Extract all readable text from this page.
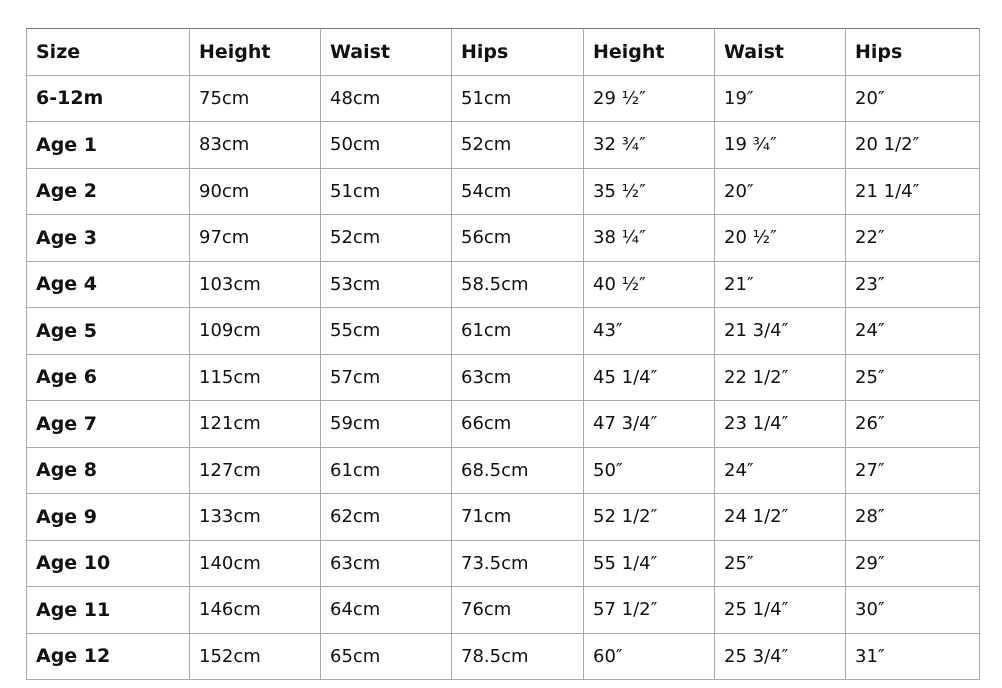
Size	Height	Waist	Hips	Height	Waist	Hips
6-12m	75cm	48cm	51cm	29 ½″	19″	20″
Age 1	83cm	50cm	52cm	32 ¾″	19 ¾″	20 1/2″
Age 2	90cm	51cm	54cm	35 ½″	20″	21 1/4″
Age 3	97cm	52cm	56cm	38 ¼″	20 ½″	22″
Age 4	103cm	53cm	58.5cm	40 ½″	21″	23″
Age 5	109cm	55cm	61cm	43″	21 3/4″	24″
Age 6	115cm	57cm	63cm	45 1/4″	22 1/2″	25″
Age 7	121cm	59cm	66cm	47 3/4″	23 1/4″	26″
Age 8	127cm	61cm	68.5cm	50″	24″	27″
Age 9	133cm	62cm	71cm	52 1/2″	24 1/2″	28″
Age 10	140cm	63cm	73.5cm	55 1/4″	25″	29″
Age 11	146cm	64cm	76cm	57 1/2″	25 1/4″	30″
Age 12	152cm	65cm	78.5cm	60″	25 3/4″	31″
